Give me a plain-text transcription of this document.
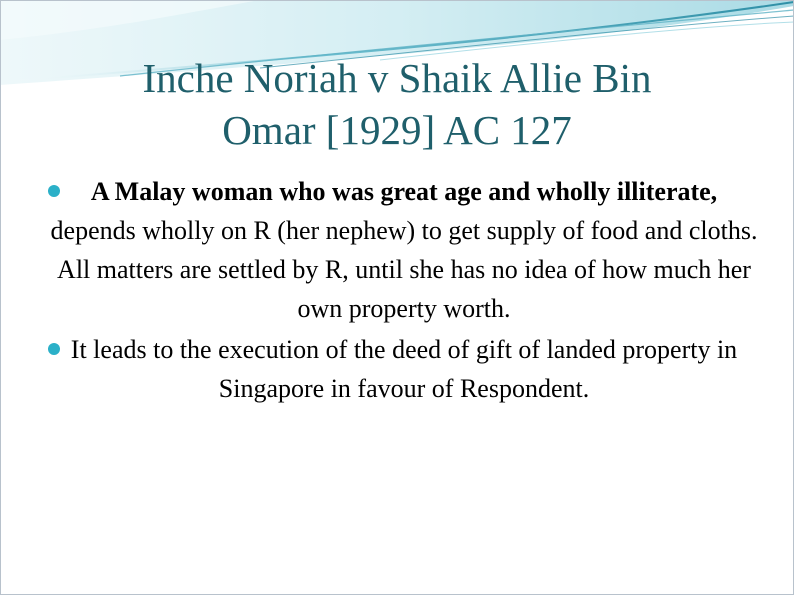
Inche Noriah v Shaik Allie Bin
Omar [1929] AC 127
A Malay woman who was great age and wholly illiterate, depends wholly on R (her nephew) to get supply of food and cloths. All matters are settled by R, until she has no idea of how much her own property worth.
It leads to the execution of the deed of gift of landed property in Singapore in favour of Respondent.
